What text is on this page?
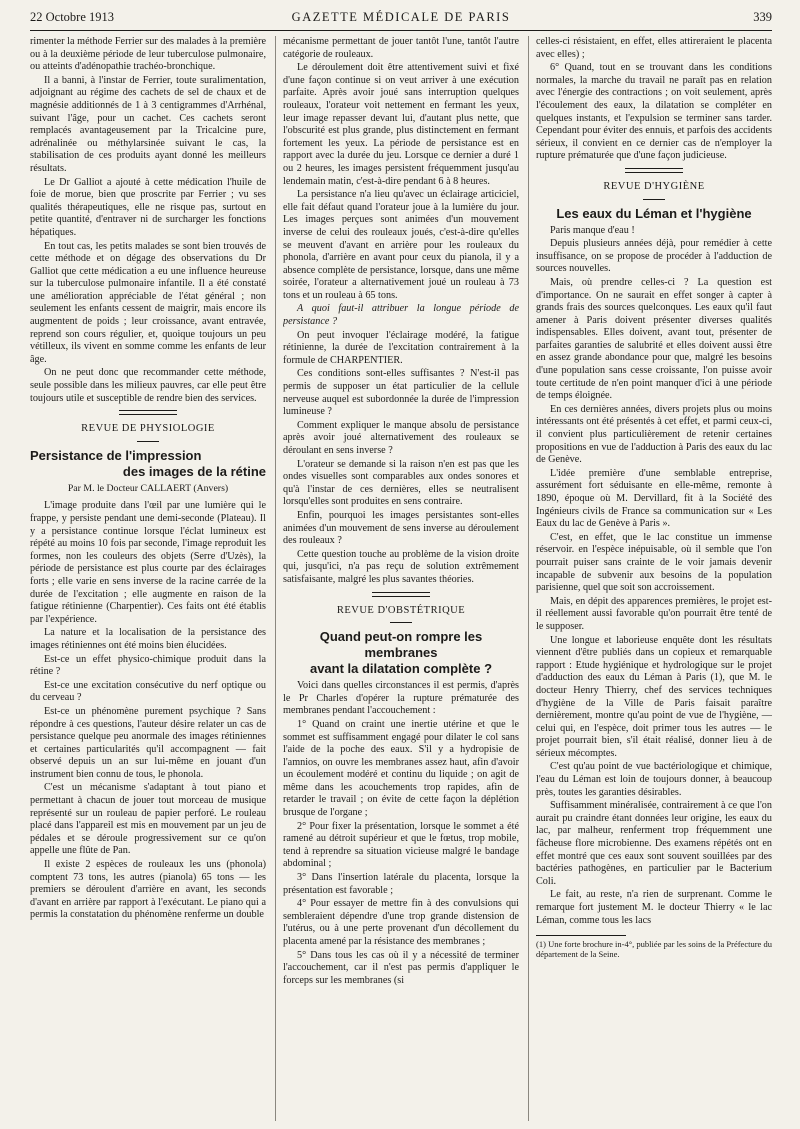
22 Octobre 1913	GAZETTE MÉDICALE DE PARIS	339

rimenter la méthode Ferrier sur des malades à la première ou à la deuxième période de leur tuberculose pulmonaire, ou atteints d'adénopathie trachéo-bronchique.

Il a banni, à l'instar de Ferrier, toute suralimentation, adjoignant au régime des cachets de sel de chaux et de magnésie additionnés de 1 à 3 centigrammes d'Arrhénal, suivant l'âge, pour un cachet. Ces cachets seront remplacés avantageusement par la Tricalcine pure, adrénalinée ou méthylarsinée suivant le cas, la stabilisation de ces produits ayant donné les meilleurs résultats.

Le Dr Galliot a ajouté à cette médication l'huile de foie de morue, bien que proscrite par Ferrier ; vu ses qualités thérapeutiques, elle ne risque pas, surtout en petite quantité, d'entraver ni de surcharger les fonctions hépatiques.

En tout cas, les petits malades se sont bien trouvés de cette méthode et on dégage des observations du Dr Galliot que cette médication a eu une influence heureuse sur la tuberculose pulmonaire infantile. Il a été constaté une amélioration appréciable de l'état général ; non seulement les enfants cessent de maigrir, mais encore ils augmentent de poids ; leur croissance, avant entravée, reprend son cours régulier, et, quoique toujours un peu vétilleux, ils vivent en somme comme les enfants de leur âge.

On ne peut donc que recommander cette méthode, seule possible dans les milieux pauvres, car elle peut être toujours utile et susceptible de rendre bien des services.

REVUE DE PHYSIOLOGIE
Persistance de l'impression
des images de la rétine
Par M. le Docteur CALLAERT (Anvers)

L'image produite dans l'œil par une lumière qui le frappe, y persiste pendant une demi-seconde (Plateau). Il y a persistance continue lorsque l'éclat lumineux est répété au moins 10 fois par seconde, l'image reproduit les formes, non les couleurs des objets (Serre d'Uzès), la période de persistance est plus courte par des éclairages forts ; elle varie en sens inverse de la racine carrée de la durée de l'excitation ; elle augmente en raison de la fatigue rétinienne (Charpentier). Ces faits ont été établis par l'expérience.

La nature et la localisation de la persistance des images rétiniennes ont été moins bien élucidées.

Est-ce un effet physico-chimique produit dans la rétine ?

Est-ce une excitation consécutive du nerf optique ou du cerveau ?

Est-ce un phénomène purement psychique ? Sans répondre à ces questions, l'auteur désire relater un cas de persistance quelque peu anormale des images rétiniennes et certaines particularités qu'il accompagnent — fait observé depuis un an sur lui-même en jouant d'un instrument bien connu de tous, le phonola.

C'est un mécanisme s'adaptant à tout piano et permettant à chacun de jouer tout morceau de musique représenté sur un rouleau de papier perforé. Le rouleau placé dans l'appareil est mis en mouvement par un jeu de pédales et se déroule progressivement sur ce qu'on appelle une flûte de Pan.

Il existe 2 espèces de rouleaux les uns (phonola) comptent 73 tons, les autres (pianola) 65 tons — les premiers se déroulent d'arrière en avant, les seconds d'avant en arrière par rapport à l'exécutant. Le piano qui a permis la constatation du phénomène renferme un double

mécanisme permettant de jouer tantôt l'une, tantôt l'autre catégorie de rouleaux.

Le déroulement doit être attentivement suivi et fixé d'une façon continue si on veut arriver à une exécution parfaite. Après avoir joué sans interruption quelques rouleaux, l'orateur voit nettement en fermant les yeux, leur image repasser devant lui, d'autant plus nette, que l'obscurité est plus grande, plus distinctement en fermant fortement les yeux. La période de persistance est en rapport avec la durée du jeu. Lorsque ce dernier a duré 1 ou 2 heures, les images persistent fréquemment jusqu'au lendemain matin, c'est-à-dire pendant 6 à 8 heures.

La persistance n'a lieu qu'avec un éclairage articiciel, elle fait défaut quand l'orateur joue à la lumière du jour. Les images perçues sont animées d'un mouvement inverse de celui des rouleaux joués, c'est-à-dire qu'elles se meuvent d'avant en arrière pour les rouleaux du phonola, d'arrière en avant pour ceux du pianola, il y a absence complète de persistance, lorsque, dans une même soirée, l'orateur a alternativement joué un rouleau à 73 tons et un rouleau à 65 tons.

A quoi faut-il attribuer la longue période de persistance ?

On peut invoquer l'éclairage modéré, la fatigue rétinienne, la durée de l'excitation contrairement à la formule de CHARPENTIER.

Ces conditions sont-elles suffisantes ? N'est-il pas permis de supposer un état particulier de la cellule nerveuse auquel est subordonnée la durée de l'impression lumineuse ?

Comment expliquer le manque absolu de persistance après avoir joué alternativement des rouleaux se déroulant en sens inverse ?

L'orateur se demande si la raison n'en est pas que les ondes visuelles sont comparables aux ondes sonores et qu'à l'instar de ces dernières, elles se neutralisent lorsqu'elles sont produites en sens contraire.

Enfin, pourquoi les images persistantes sont-elles animées d'un mouvement de sens inverse au déroulement des rouleaux ?

Cette question touche au problème de la vision droite qui, jusqu'ici, n'a pas reçu de solution extrêmement satisfaisante, malgré les plus savantes théories.

REVUE D'OBSTÉTRIQUE
Quand peut-on rompre les membranes
avant la dilatation complète ?

Voici dans quelles circonstances il est permis, d'après le Pr Charles d'opérer la rupture prématurée des membranes pendant l'accouchement :

1° Quand on craint une inertie utérine et que le sommet est suffisamment engagé pour dilater le col sans l'aide de la poche des eaux. S'il y a hydropisie de l'amnios, on ouvre les membranes assez haut, afin d'avoir un écoulement modéré et continu du liquide ; on agit de même dans les acouchements trop rapides, afin de retarder le travail ; on évite de cette façon la déplétion brusque de l'organe ;

2° Pour fixer la présentation, lorsque le sommet a été ramené au détroit supérieur et que le fœtus, trop mobile, tend à reprendre sa situation vicieuse malgré le bandage abdominal ;

3° Dans l'insertion latérale du placenta, lorsque la présentation est favorable ;

4° Pour essayer de mettre fin à des convulsions qui sembleraient dépendre d'une trop grande distension de l'utérus, ou à une perte provenant d'un décollement du placenta amené par la résistance des membranes ;

5° Dans tous les cas où il y a nécessité de terminer l'accouchement, car il n'est pas permis d'appliquer le forceps sur les membranes (si

celles-ci résistaient, en effet, elles attireraient le placenta avec elles) ;

6° Quand, tout en se trouvant dans les conditions normales, la marche du travail ne paraît pas en relation avec l'énergie des contractions ; on voit seulement, après l'écoulement des eaux, la dilatation se compléter en quelques instants, et l'expulsion se terminer sans tarder. Cependant pour éviter des ennuis, et parfois des accidents sérieux, il convient en ce dernier cas de n'employer la rupture prématurée que d'une façon judicieuse.

REVUE D'HYGIÈNE
Les eaux du Léman et l'hygiène

Paris manque d'eau !

Depuis plusieurs années déjà, pour remédier à cette insuffisance, on se propose de procéder à l'adduction de sources nouvelles.

Mais, où prendre celles-ci ? La question est d'importance. On ne saurait en effet songer à capter à grands frais des sources quelconques. Les eaux qu'il faut amener à Paris doivent présenter diverses qualités indispensables. Elles doivent, avant tout, présenter de parfaites garanties de salubrité et elles doivent aussi être en assez grande abondance pour que, malgré les besoins d'une population sans cesse croissante, l'on puisse avoir toute certitude de n'en point manquer d'ici à une période de temps éloignée.

En ces dernières années, divers projets plus ou moins intéressants ont été présentés à cet effet, et parmi ceux-ci, il convient plus particulièrement de retenir certaines propositions en vue de l'adduction à Paris des eaux du lac de Genève.

L'idée première d'une semblable entreprise, assurément fort séduisante en elle-même, remonte à 1890, époque où M. Dervillard, fit à la Société des Ingénieurs civils de France sa communication sur « Les Eaux du lac de Genève à Paris ».

C'est, en effet, que le lac constitue un immense réservoir. en l'espèce inépuisable, où il semble que l'on pourrait puiser sans crainte de le voir jamais devenir incapable de subvenir aux besoins de la population parisienne, quel que soit son accroissement.

Mais, en dépit des apparences premières, le projet est-il réellement aussi favorable qu'on pourrait être tenté de le supposer.

Une longue et laborieuse enquête dont les résultats viennent d'être publiés dans un copieux et remarquable rapport : Etude hygiénique et hydrologique sur le projet d'adduction des eaux du Léman à Paris (1), que M. le docteur Henry Thierry, chef des services techniques d'hygiène de la Ville de Paris faisait paraître dernièrement, montre qu'au point de vue de l'hygiène, — celui qui, en l'espèce, doit primer tous les autres — le projet pourrait bien, s'il était réalisé, donner lieu à de sérieux mécomptes.

C'est qu'au point de vue bactériologique et chimique, l'eau du Léman est loin de toujours donner, à beaucoup près, toutes les garanties désirables.

Suffisamment minéralisée, contrairement à ce que l'on aurait pu craindre étant données leur origine, les eaux du lac, par malheur, renferment trop fréquemment une fâcheuse flore microbienne. Des examens répétés ont en effet montré que ces eaux sont souvent souillées par des bactéries pathogènes, en particulier par le Bacterium Coli.

Le fait, au reste, n'a rien de surprenant. Comme le remarque fort justement M. le docteur Thierry « le lac Léman, comme tous les lacs

(1) Une forte brochure in-4°, publiée par les soins de la Préfecture du département de la Seine.
